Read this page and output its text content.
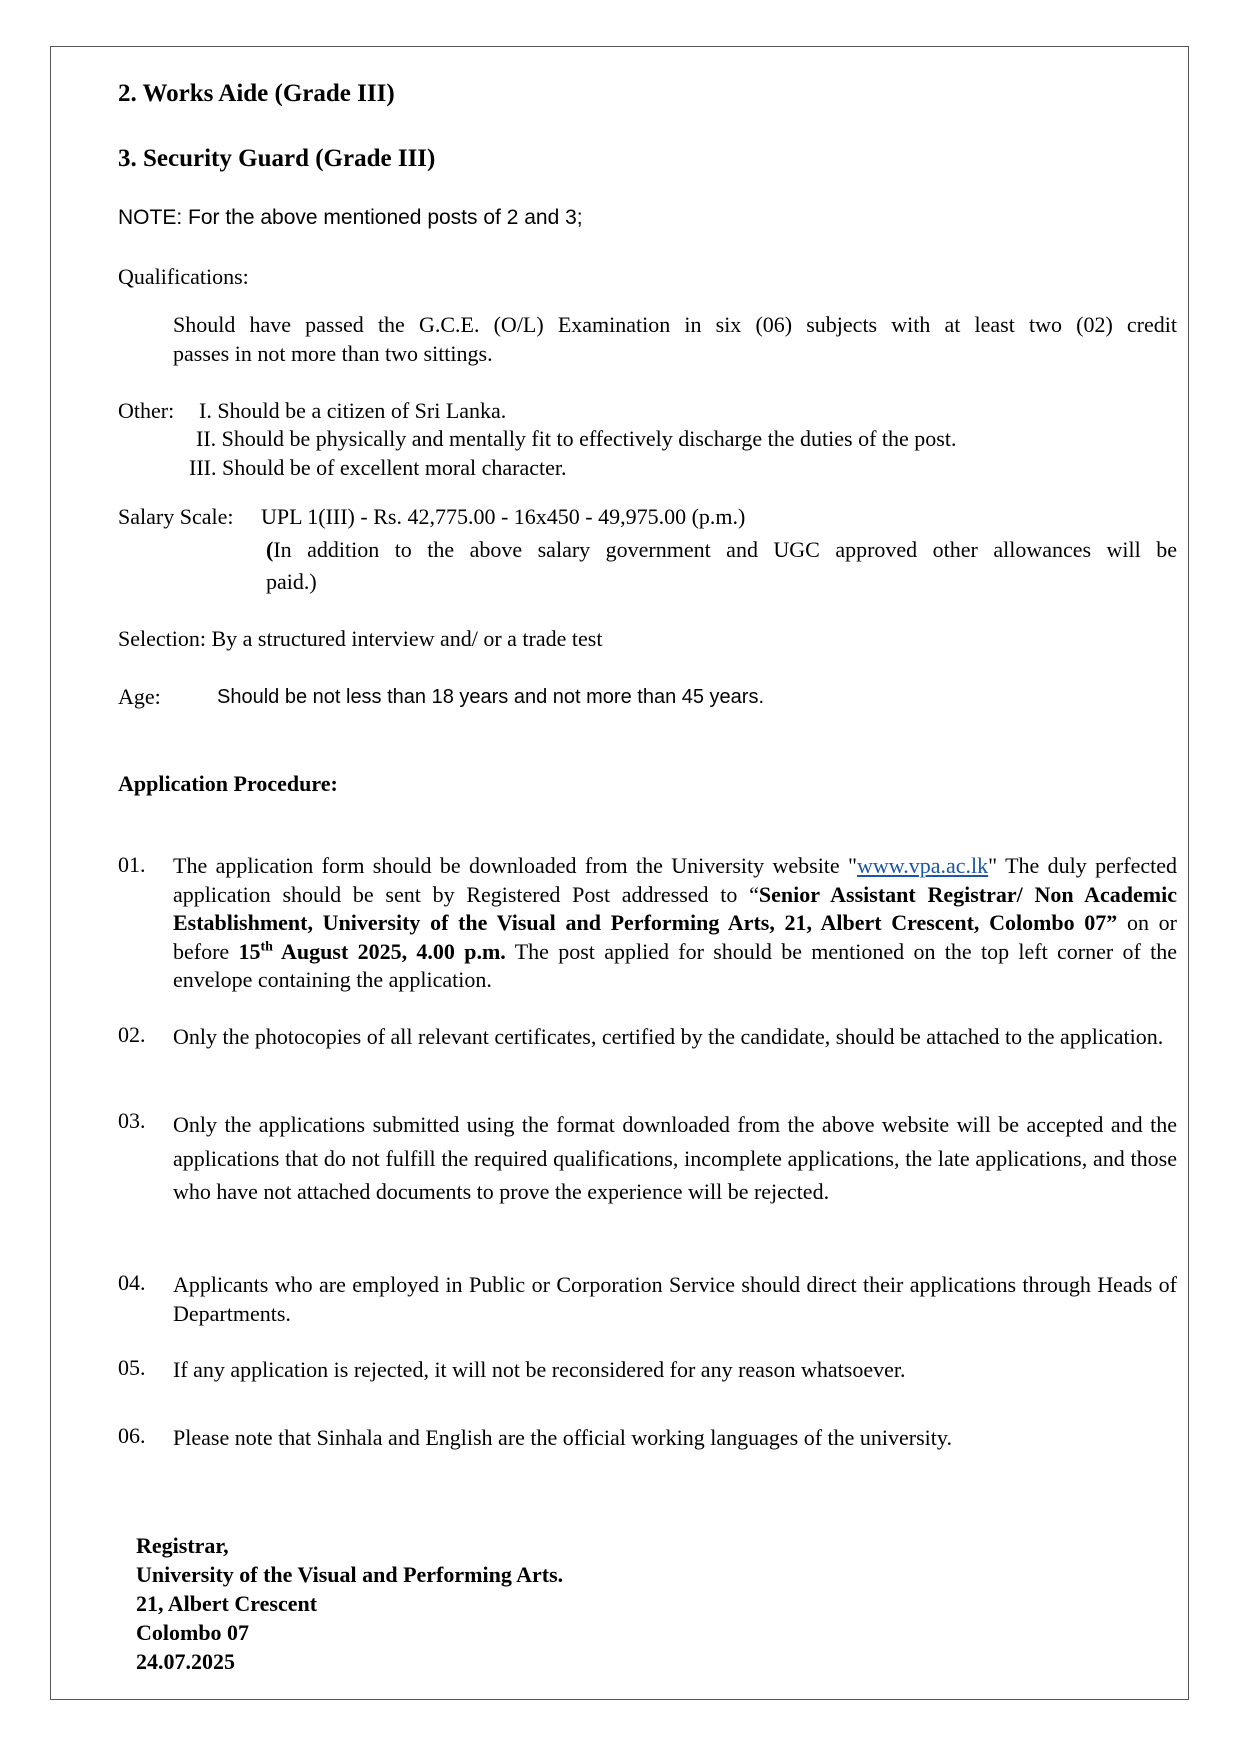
2. Works Aide (Grade III)
3. Security Guard (Grade III)
NOTE: For the above mentioned posts of 2 and 3;
Qualifications:
Should have passed the G.C.E. (O/L) Examination in six (06) subjects with at least two (02) credit
passes in not more than two sittings.
Other: I. Should be a citizen of Sri Lanka.
II. Should be physically and mentally fit to effectively discharge the duties of the post.
III. Should be of excellent moral character.
Salary Scale: UPL 1(III) - Rs. 42,775.00 - 16x450 - 49,975.00 (p.m.)
(In addition to the above salary government and UGC approved other allowances will be
paid.)
Selection: By a structured interview and/ or a trade test
Age:	Should be not less than 18 years and not more than 45 years.
Application Procedure:
01. The application form should be downloaded from the University website "www.vpa.ac.lk" The duly perfected application should be sent by Registered Post addressed to “Senior Assistant Registrar/ Non Academic Establishment, University of the Visual and Performing Arts, 21, Albert Crescent, Colombo 07” on or before 15th August 2025, 4.00 p.m. The post applied for should be mentioned on the top left corner of the envelope containing the application.
02. Only the photocopies of all relevant certificates, certified by the candidate, should be attached to the application.
03. Only the applications submitted using the format downloaded from the above website will be accepted and the applications that do not fulfill the required qualifications, incomplete applications, the late applications, and those who have not attached documents to prove the experience will be rejected.
04. Applicants who are employed in Public or Corporation Service should direct their applications through Heads of Departments.
05. If any application is rejected, it will not be reconsidered for any reason whatsoever.
06. Please note that Sinhala and English are the official working languages of the university.
Registrar,
University of the Visual and Performing Arts.
21, Albert Crescent
Colombo 07
24.07.2025
